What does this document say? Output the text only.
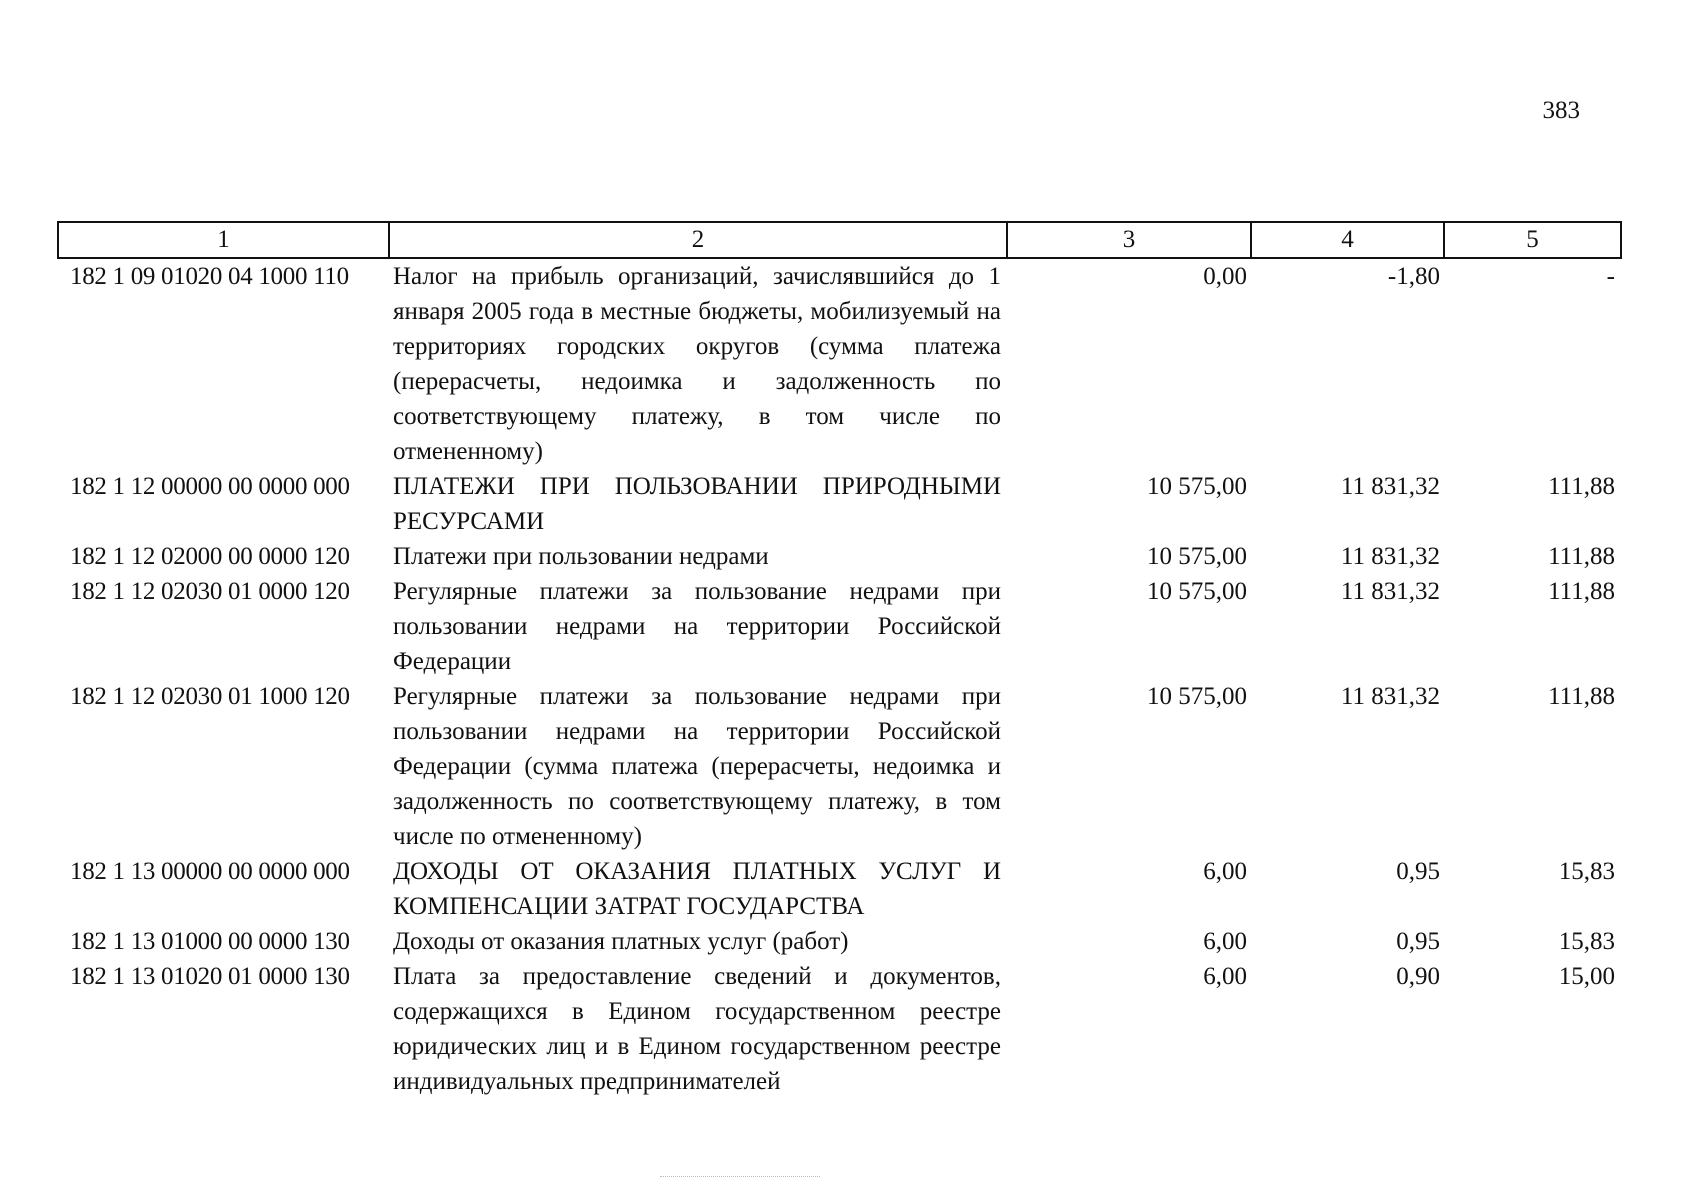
383
1	2	3	4	5
182 1 09 01020 04 1000 110	Налог на прибыль организаций, зачислявшийся до 1 января 2005 года в местные бюджеты, мобилизуемый на территориях городских округов (сумма платежа (перерасчеты, недоимка и задолженность по соответствующему платежу, в том числе по отмененному)	0,00	-1,80	-
182 1 12 00000 00 0000 000	ПЛАТЕЖИ ПРИ ПОЛЬЗОВАНИИ ПРИРОДНЫМИ РЕСУРСАМИ	10 575,00	11 831,32	111,88
182 1 12 02000 00 0000 120	Платежи при пользовании недрами	10 575,00	11 831,32	111,88
182 1 12 02030 01 0000 120	Регулярные платежи за пользование недрами при пользовании недрами на территории Российской Федерации	10 575,00	11 831,32	111,88
182 1 12 02030 01 1000 120	Регулярные платежи за пользование недрами при пользовании недрами на территории Российской Федерации (сумма платежа (перерасчеты, недоимка и задолженность по соответствующему платежу, в том числе по отмененному)	10 575,00	11 831,32	111,88
182 1 13 00000 00 0000 000	ДОХОДЫ ОТ ОКАЗАНИЯ ПЛАТНЫХ УСЛУГ И КОМПЕНСАЦИИ ЗАТРАТ ГОСУДАРСТВА	6,00	0,95	15,83
182 1 13 01000 00 0000 130	Доходы от оказания платных услуг (работ)	6,00	0,95	15,83
182 1 13 01020 01 0000 130	Плата за предоставление сведений и документов, содержащихся в Едином государственном реестре юридических лиц и в Едином государственном реестре индивидуальных предпринимателей	6,00	0,90	15,00
